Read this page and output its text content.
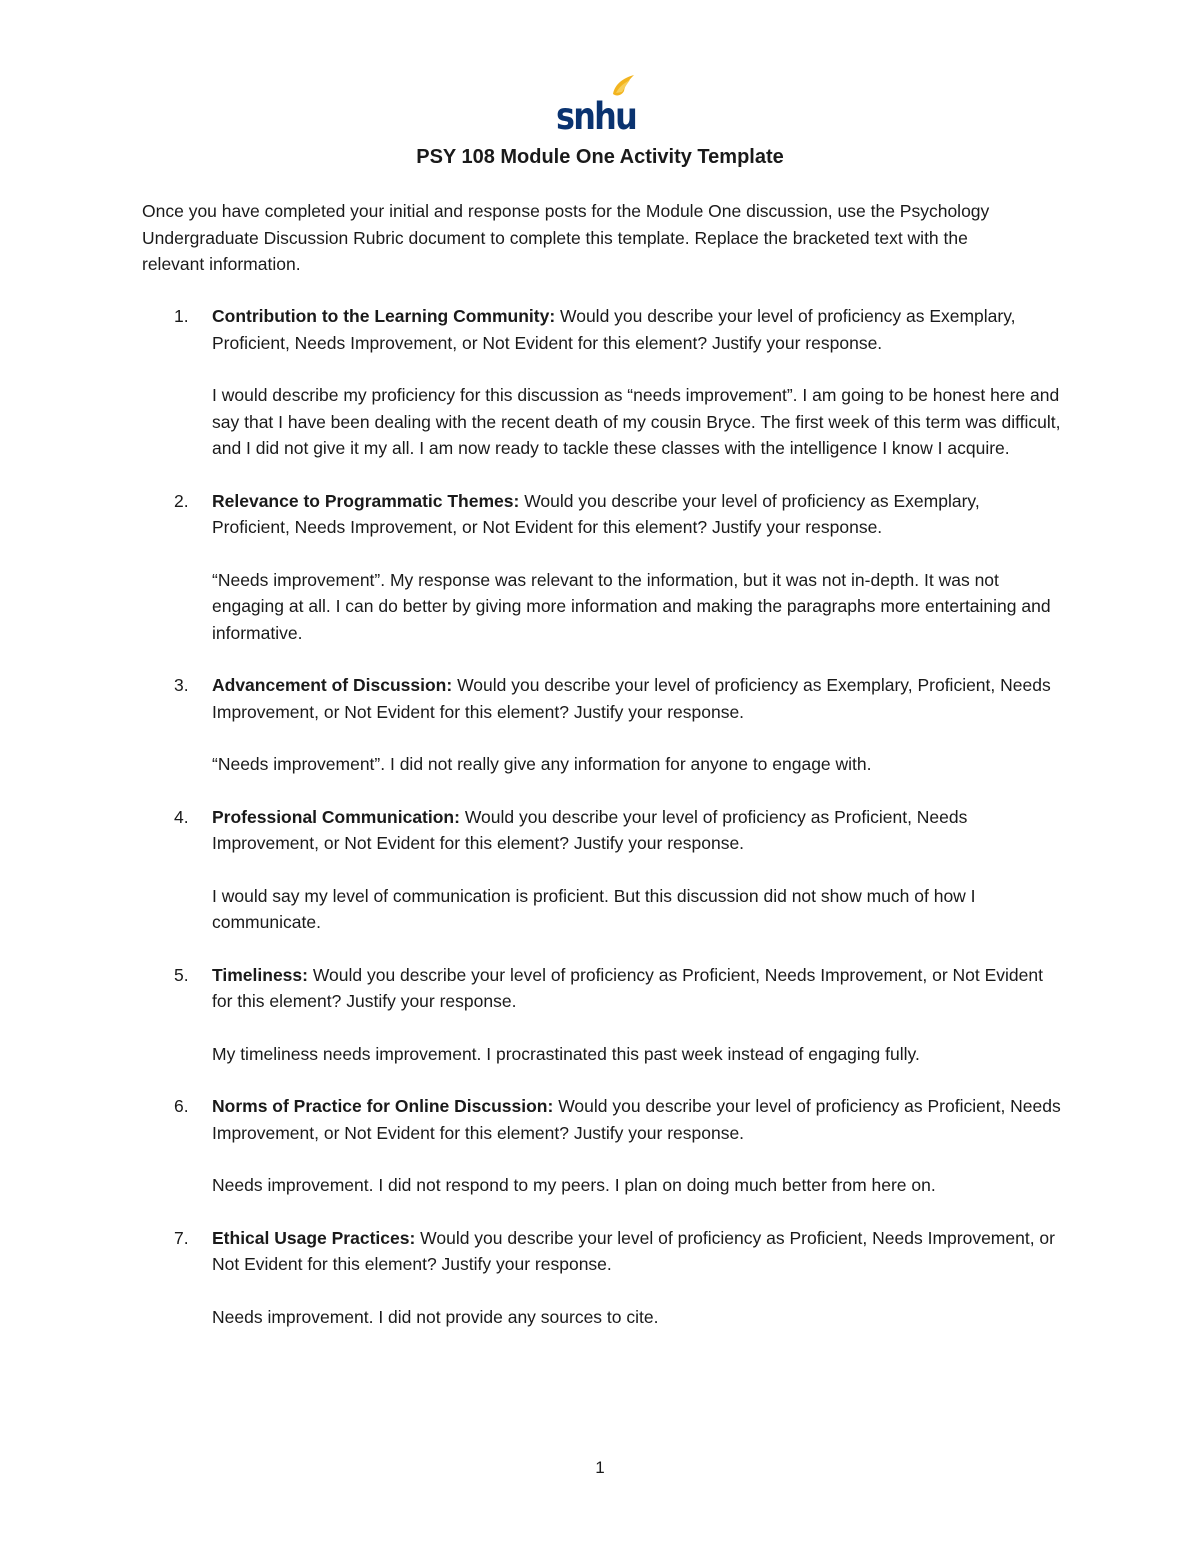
snhu
PSY 108 Module One Activity Template

Once you have completed your initial and response posts for the Module One discussion, use the Psychology Undergraduate Discussion Rubric document to complete this template. Replace the bracketed text with the relevant information.

1. Contribution to the Learning Community: Would you describe your level of proficiency as Exemplary, Proficient, Needs Improvement, or Not Evident for this element? Justify your response.

I would describe my proficiency for this discussion as “needs improvement”. I am going to be honest here and say that I have been dealing with the recent death of my cousin Bryce. The first week of this term was difficult, and I did not give it my all. I am now ready to tackle these classes with the intelligence I know I acquire.

2. Relevance to Programmatic Themes: Would you describe your level of proficiency as Exemplary, Proficient, Needs Improvement, or Not Evident for this element? Justify your response.

“Needs improvement”. My response was relevant to the information, but it was not in-depth. It was not engaging at all. I can do better by giving more information and making the paragraphs more entertaining and informative.

3. Advancement of Discussion: Would you describe your level of proficiency as Exemplary, Proficient, Needs Improvement, or Not Evident for this element? Justify your response.

“Needs improvement”. I did not really give any information for anyone to engage with.

4. Professional Communication: Would you describe your level of proficiency as Proficient, Needs Improvement, or Not Evident for this element? Justify your response.

I would say my level of communication is proficient. But this discussion did not show much of how I communicate.

5. Timeliness: Would you describe your level of proficiency as Proficient, Needs Improvement, or Not Evident for this element? Justify your response.

My timeliness needs improvement. I procrastinated this past week instead of engaging fully.

6. Norms of Practice for Online Discussion: Would you describe your level of proficiency as Proficient, Needs Improvement, or Not Evident for this element? Justify your response.

Needs improvement. I did not respond to my peers. I plan on doing much better from here on.

7. Ethical Usage Practices: Would you describe your level of proficiency as Proficient, Needs Improvement, or Not Evident for this element? Justify your response.

Needs improvement. I did not provide any sources to cite.

1
